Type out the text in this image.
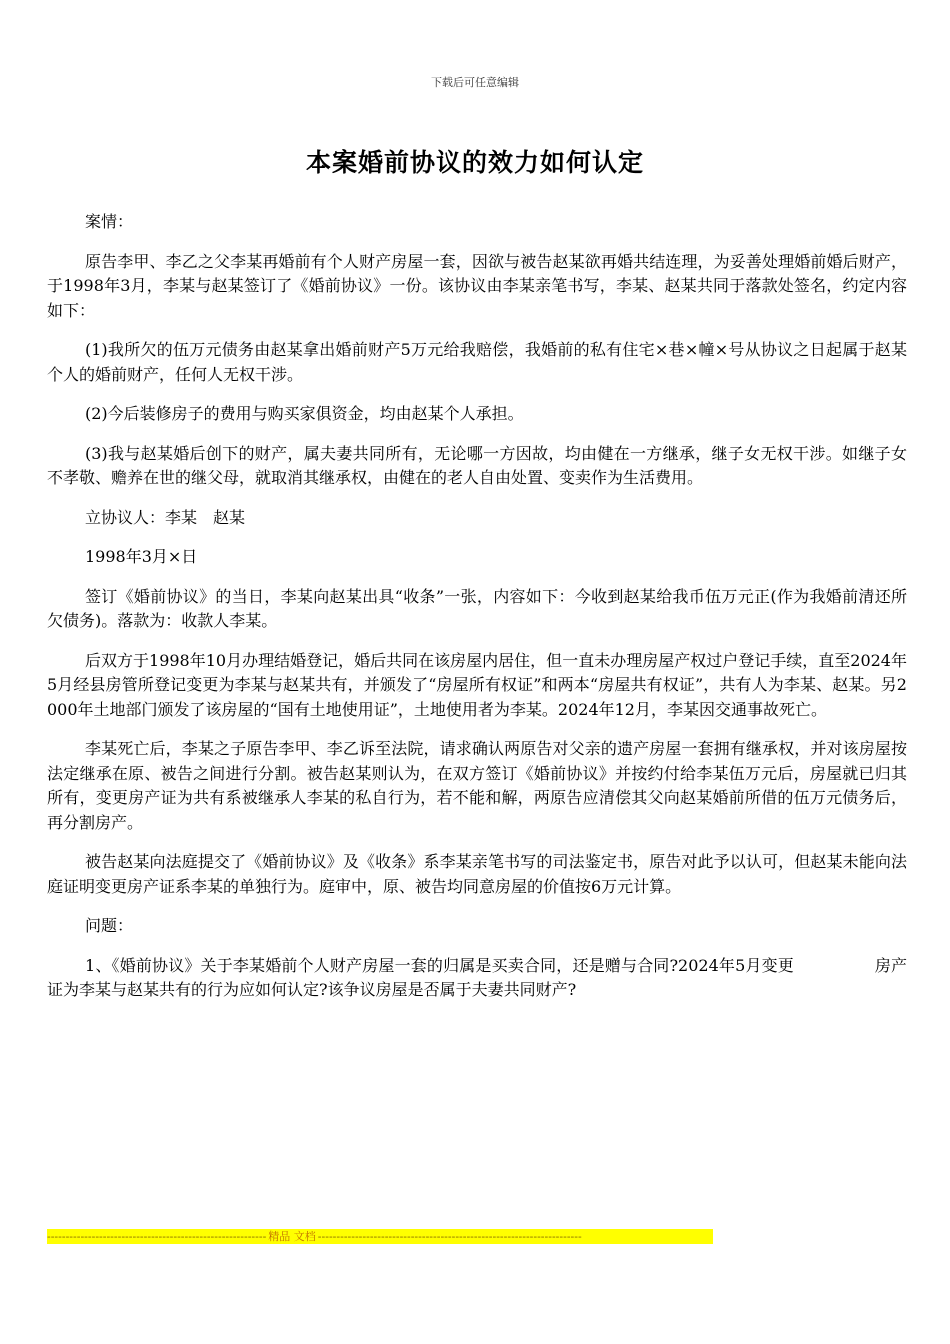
下载后可任意编辑
本案婚前协议的效力如何认定

案情：

原告李甲、李乙之父李某再婚前有个人财产房屋一套，因欲与被告赵某欲再婚共结连理，为妥善处理婚前婚后财产，于1998年3月，李某与赵某签订了《婚前协议》一份。该协议由李某亲笔书写，李某、赵某共同于落款处签名，约定内容如下：

(1)我所欠的伍万元债务由赵某拿出婚前财产5万元给我赔偿，我婚前的私有住宅×巷×幢×号从协议之日起属于赵某个人的婚前财产，任何人无权干涉。

(2)今后装修房子的费用与购买家俱资金，均由赵某个人承担。

(3)我与赵某婚后创下的财产，属夫妻共同所有，无论哪一方因故，均由健在一方继承，继子女无权干涉。如继子女不孝敬、赡养在世的继父母，就取消其继承权，由健在的老人自由处置、变卖作为生活费用。

立协议人：李某　赵某

1998年3月×日

签订《婚前协议》的当日，李某向赵某出具“收条”一张，内容如下：今收到赵某给我币伍万元正(作为我婚前清还所欠债务)。落款为：收款人李某。

后双方于1998年10月办理结婚登记，婚后共同在该房屋内居住，但一直未办理房屋产权过户登记手续，直至2024年5月经县房管所登记变更为李某与赵某共有，并颁发了“房屋所有权证”和两本“房屋共有权证”，共有人为李某、赵某。另2000年土地部门颁发了该房屋的“国有土地使用证”，土地使用者为李某。2024年12月，李某因交通事故死亡。

李某死亡后，李某之子原告李甲、李乙诉至法院，请求确认两原告对父亲的遗产房屋一套拥有继承权，并对该房屋按法定继承在原、被告之间进行分割。被告赵某则认为，在双方签订《婚前协议》并按约付给李某伍万元后，房屋就已归其所有，变更房产证为共有系被继承人李某的私自行为，若不能和解，两原告应清偿其父向赵某婚前所借的伍万元债务后，再分割房产。

被告赵某向法庭提交了《婚前协议》及《收条》系李某亲笔书写的司法鉴定书，原告对此予以认可，但赵某未能向法庭证明变更房产证系李某的单独行为。庭审中，原、被告均同意房屋的价值按6万元计算。

问题：

1、《婚前协议》关于李某婚前个人财产房屋一套的归属是买卖合同，还是赠与合同?2024年5月变更　　　　　房产证为李某与赵某共有的行为应如何认定?该争议房屋是否属于夫妻共同财产?

----------------------------------------------------------- 精品 文档 -----------------------------------------------------------------------
